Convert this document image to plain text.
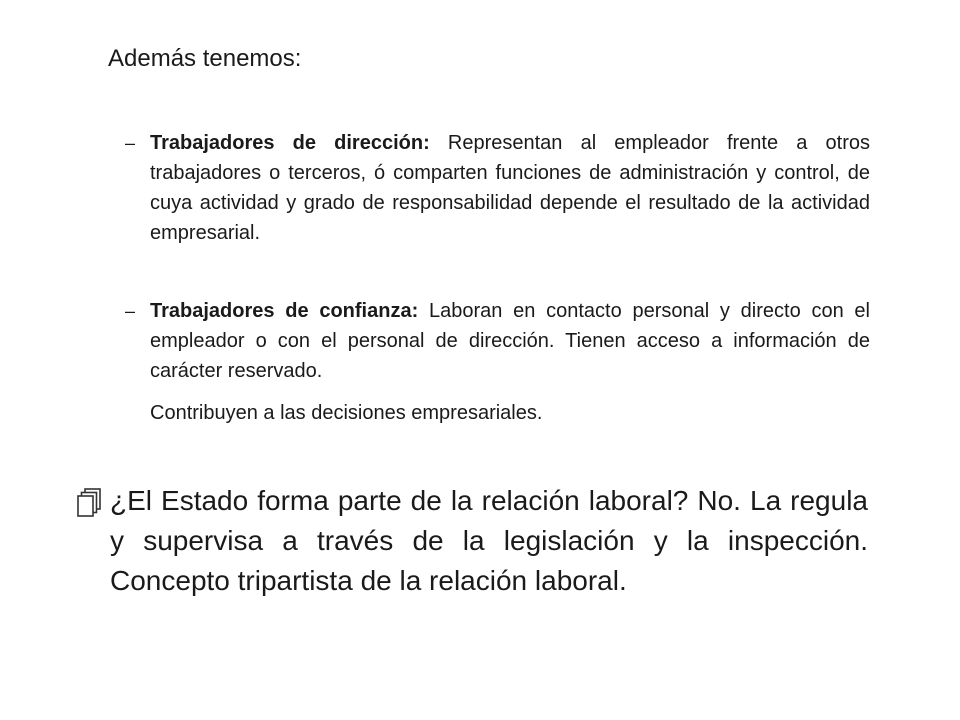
Además tenemos:
– Trabajadores de dirección: Representan al empleador frente a otros trabajadores o terceros, ó comparten funciones de administración y control, de cuya actividad y grado de responsabilidad depende el resultado de la actividad empresarial.
– Trabajadores de confianza: Laboran en contacto personal y directo con el empleador o con el personal de dirección. Tienen acceso a información de carácter reservado.
Contribuyen a las decisiones empresariales.
¿El Estado forma parte de la relación laboral? No. La regula y supervisa a través de la legislación y la inspección. Concepto tripartista de la relación laboral.
